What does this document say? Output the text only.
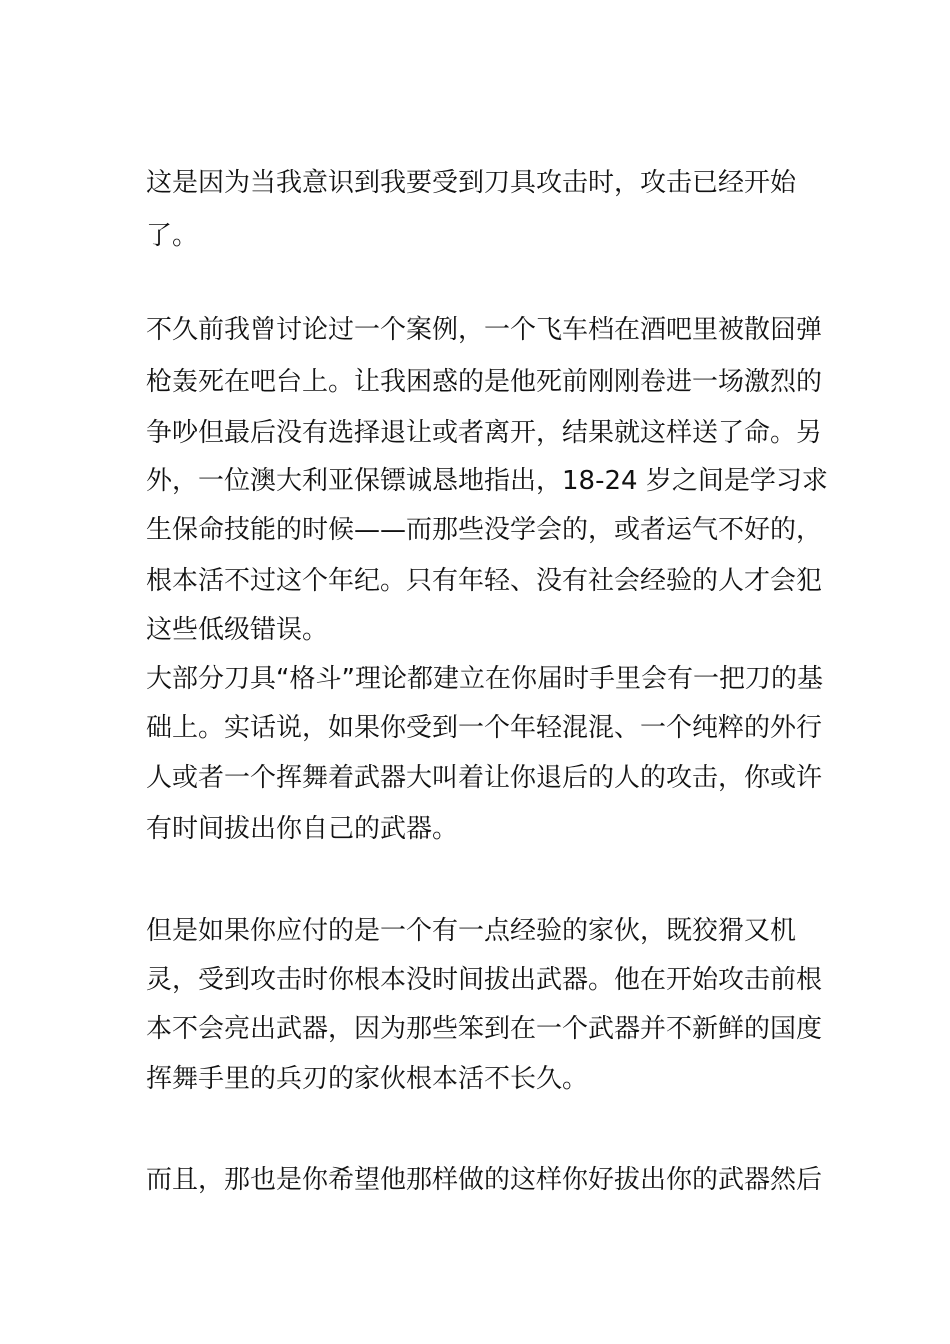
这是因为当我意识到我要受到刀具攻击时，攻击已经开始

了。

不久前我曾讨论过一个案例，一个飞车档在酒吧里被散囧弹

枪轰死在吧台上。让我困惑的是他死前刚刚卷进一场激烈的

争吵但最后没有选择退让或者离开，结果就这样送了命。另

外，一位澳大利亚保镖诚恳地指出，18-24 岁之间是学习求

生保命技能的时候——而那些没学会的，或者运气不好的，

根本活不过这个年纪。只有年轻、没有社会经验的人才会犯

这些低级错误。

大部分刀具“格斗”理论都建立在你届时手里会有一把刀的基

础上。实话说，如果你受到一个年轻混混、一个纯粹的外行

人或者一个挥舞着武器大叫着让你退后的人的攻击，你或许

有时间拔出你自己的武器。

但是如果你应付的是一个有一点经验的家伙，既狡猾又机

灵，受到攻击时你根本没时间拔出武器。他在开始攻击前根

本不会亮出武器，因为那些笨到在一个武器并不新鲜的国度

挥舞手里的兵刃的家伙根本活不长久。

而且，那也是你希望他那样做的这样你好拔出你的武器然后
